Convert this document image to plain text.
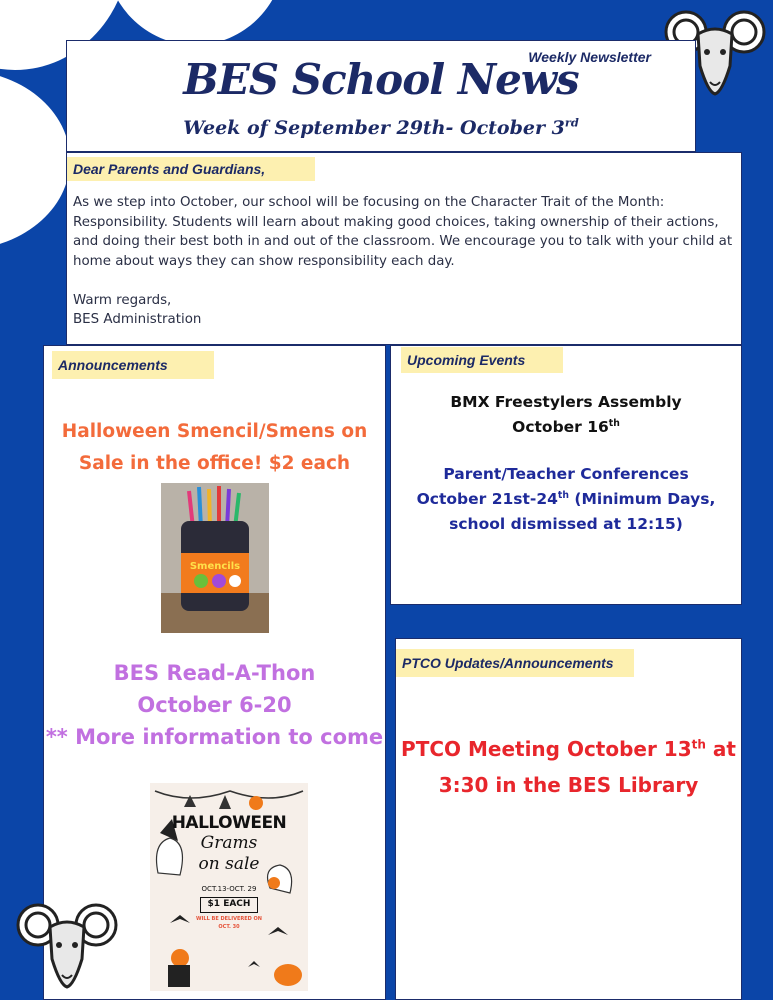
Weekly Newsletter
BES School News
Week of September 29th- October 3rd
Dear Parents and Guardians,

As we step into October, our school will be focusing on the Character Trait of the Month: Responsibility. Students will learn about making good choices, taking ownership of their actions, and doing their best both in and out of the classroom. We encourage you to talk with your child at home about ways they can show responsibility each day.

Warm regards,

BES Administration

Announcements
Halloween Smencil/Smens on
Sale in the office! $2 each
Smencils
BES Read-A-Thon
October 6-20
** More information to come
HALLOWEEN
Grams
on sale
OCT.13-OCT. 29
$1 EACH
WILL BE DELIVERED ON
OCT. 30
Upcoming Events
BMX Freestylers Assembly
October 16th
Parent/Teacher Conferences
October 21st-24th (Minimum Days,
school dismissed at 12:15)
PTCO Updates/Announcements
PTCO Meeting October 13th at
3:30 in the BES Library
